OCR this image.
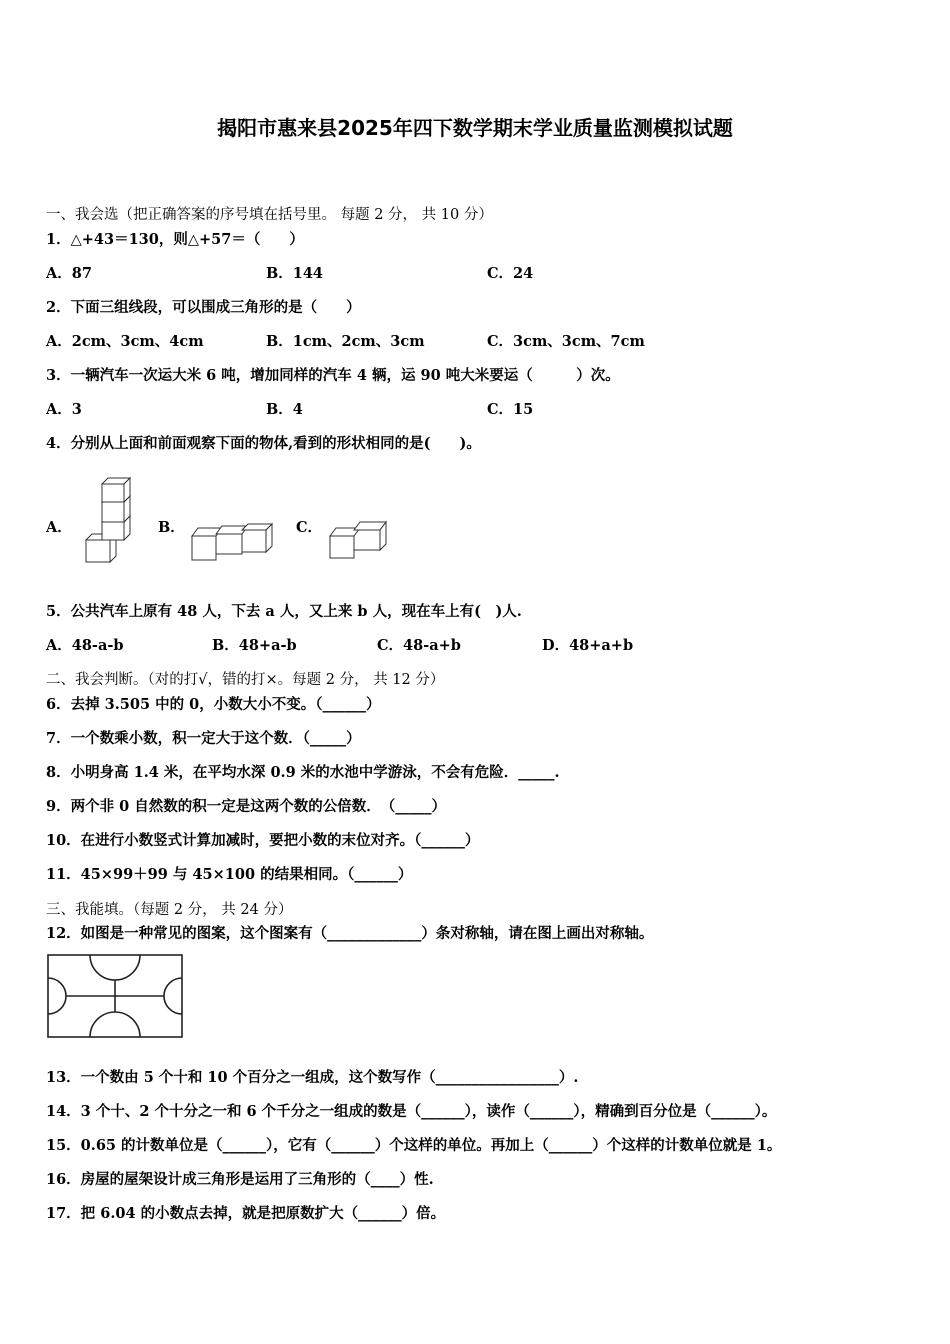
揭阳市惠来县2025年四下数学期末学业质量监测模拟试题
一、我会选（把正确答案的序号填在括号里。 每题 2 分， 共 10 分）
1．△+43＝130，则△+57＝（　　）
A．87	B．144	C．24
2．下面三组线段，可以围成三角形的是（　　）
A．2cm、3cm、4cm	B．1cm、2cm、3cm	C．3cm、3cm、7cm
3．一辆汽车一次运大米 6 吨，增加同样的汽车 4 辆，运 90 吨大米要运（　　　）次。
A．3	B．4	C．15
4．分别从上面和前面观察下面的物体,看到的形状相同的是(　　)。
A．	B．	C．
5．公共汽车上原有 48 人，下去 a 人，又上来 b 人，现在车上有(　)人.
A．48-a-b	B．48+a-b	C．48-a+b	D．48+a+b
二、我会判断。（对的打√，错的打×。每题 2 分， 共 12 分）
6．去掉 3.505 中的 0，小数大小不变。（______）
7．一个数乘小数，积一定大于这个数．（_____）
8．小明身高 1.4 米，在平均水深 0.9 米的水池中学游泳，不会有危险．_____.
9．两个非 0 自然数的积一定是这两个数的公倍数．　（_____）
10．在进行小数竖式计算加减时，要把小数的末位对齐。（______）
11．45×99＋99 与 45×100 的结果相同。（______）
三、我能填。（每题 2 分， 共 24 分）
12．如图是一种常见的图案，这个图案有（_____________）条对称轴，请在图上画出对称轴。
13．一个数由 5 个十和 10 个百分之一组成，这个数写作（_________________）.
14．3 个十、2 个十分之一和 6 个千分之一组成的数是（______），读作（______），精确到百分位是（______）。
15．0.65 的计数单位是（______），它有（______）个这样的单位。再加上（______）个这样的计数单位就是 1。
16．房屋的屋架设计成三角形是运用了三角形的（____）性.
17．把 6.04 的小数点去掉，就是把原数扩大（______）倍。
